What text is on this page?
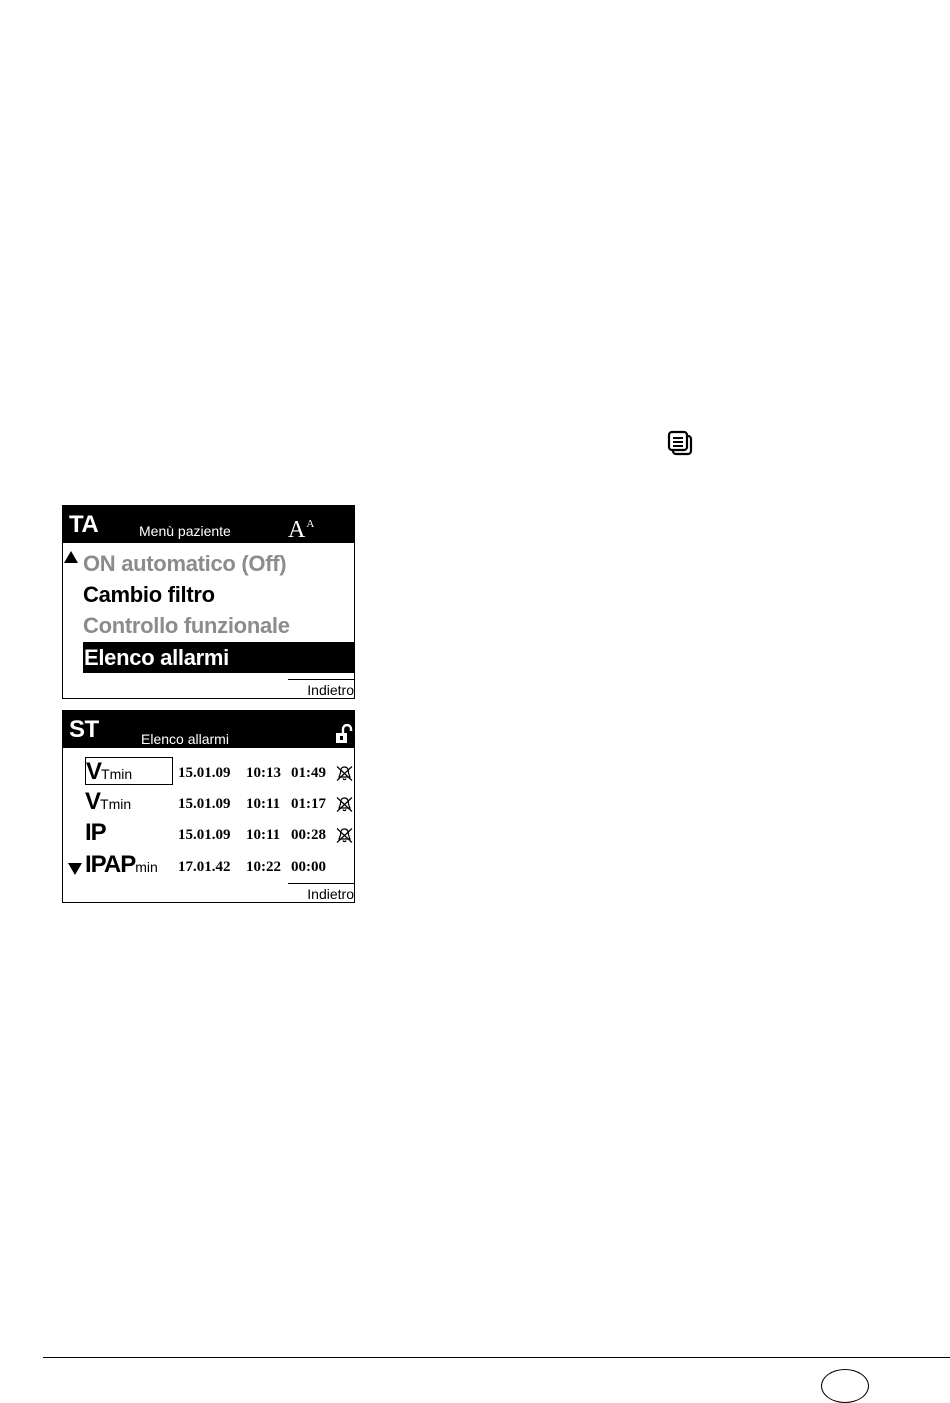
TA	Menù paziente $A^A$
ON automatico (Off)
Cambio filtro
Controllo funzionale
Elenco allarmi
Indietro
ST	Elenco allarmi
VTmin	15.01.09 10:13 01:49
VTmin	15.01.09 10:11 01:17
IP	15.01.09 10:11 00:28
IPAPmin	17.01.42 10:22 00:00
Indietro
